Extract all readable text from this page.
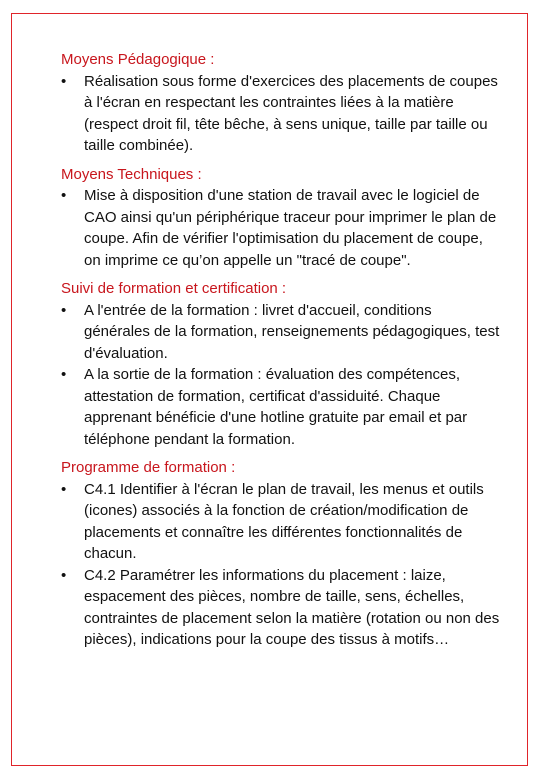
Moyens Pédagogique :
•	Réalisation sous forme d'exercices des placements de coupes à l'écran en respectant les contraintes liées à la matière (respect droit fil, tête bêche, à sens unique, taille par taille ou taille combinée).
Moyens Techniques :
•	Mise à disposition d'une station de travail avec le logiciel de CAO ainsi qu'un périphérique traceur pour imprimer le plan de coupe. Afin de vérifier l'optimisation du placement de coupe, on imprime ce qu’on appelle un "tracé de coupe".
Suivi de formation et certification :
•	A l'entrée de la formation : livret d'accueil, conditions générales de la formation, renseignements pédagogiques, test d'évaluation.
•	A la sortie de la formation : évaluation des compétences, attestation de formation, certificat d'assiduité. Chaque apprenant bénéficie d'une hotline gratuite par email et par téléphone pendant la formation.
Programme de formation :
•	C4.1 Identifier à l'écran le plan de travail, les menus et outils (icones) associés à la fonction de création/modification de placements et connaître les différentes fonctionnalités de chacun.
•	C4.2 Paramétrer les informations du placement : laize, espacement des pièces, nombre de taille, sens, échelles, contraintes de placement selon la matière (rotation ou non des pièces), indications pour la coupe des tissus à motifs…
